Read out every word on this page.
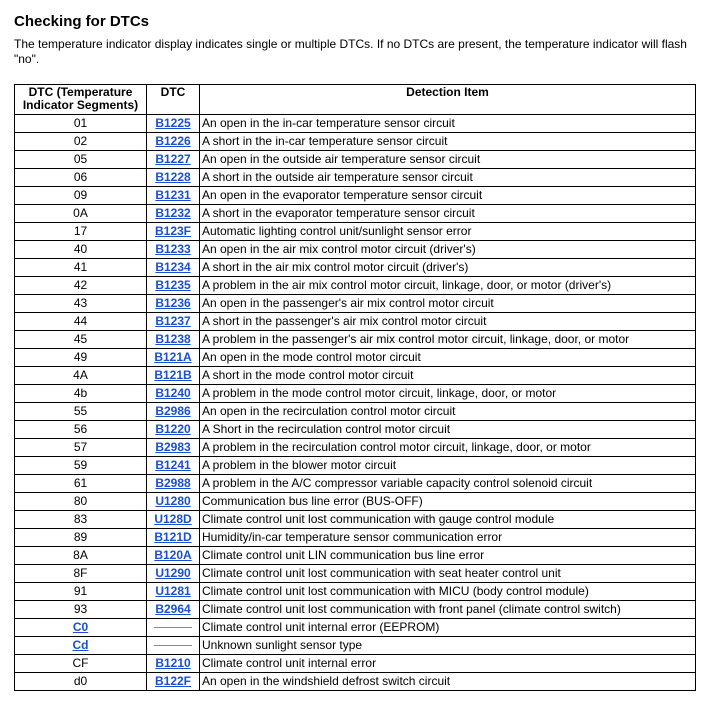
Checking for DTCs

The temperature indicator display indicates single or multiple DTCs. If no DTCs are present, the temperature indicator will flash "no".

DTC (Temperature Indicator Segments)	DTC	Detection Item
01	B1225	An open in the in-car temperature sensor circuit
02	B1226	A short in the in-car temperature sensor circuit
05	B1227	An open in the outside air temperature sensor circuit
06	B1228	A short in the outside air temperature sensor circuit
09	B1231	An open in the evaporator temperature sensor circuit
0A	B1232	A short in the evaporator temperature sensor circuit
17	B123F	Automatic lighting control unit/sunlight sensor error
40	B1233	An open in the air mix control motor circuit (driver's)
41	B1234	A short in the air mix control motor circuit (driver's)
42	B1235	A problem in the air mix control motor circuit, linkage, door, or motor (driver's)
43	B1236	An open in the passenger's air mix control motor circuit
44	B1237	A short in the passenger's air mix control motor circuit
45	B1238	A problem in the passenger's air mix control motor circuit, linkage, door, or motor
49	B121A	An open in the mode control motor circuit
4A	B121B	A short in the mode control motor circuit
4b	B1240	A problem in the mode control motor circuit, linkage, door, or motor
55	B2986	An open in the recirculation control motor circuit
56	B1220	A Short in the recirculation control motor circuit
57	B2983	A problem in the recirculation control motor circuit, linkage, door, or motor
59	B1241	A problem in the blower motor circuit
61	B2988	A problem in the A/C compressor variable capacity control solenoid circuit
80	U1280	Communication bus line error (BUS-OFF)
83	U128D	Climate control unit lost communication with gauge control module
89	B121D	Humidity/in-car temperature sensor communication error
8A	B120A	Climate control unit LIN communication bus line error
8F	U1290	Climate control unit lost communication with seat heater control unit
91	U1281	Climate control unit lost communication with MICU (body control module)
93	B2964	Climate control unit lost communication with front panel (climate control switch)
C0		Climate control unit internal error (EEPROM)
Cd		Unknown sunlight sensor type
CF	B1210	Climate control unit internal error
d0	B122F	An open in the windshield defrost switch circuit
